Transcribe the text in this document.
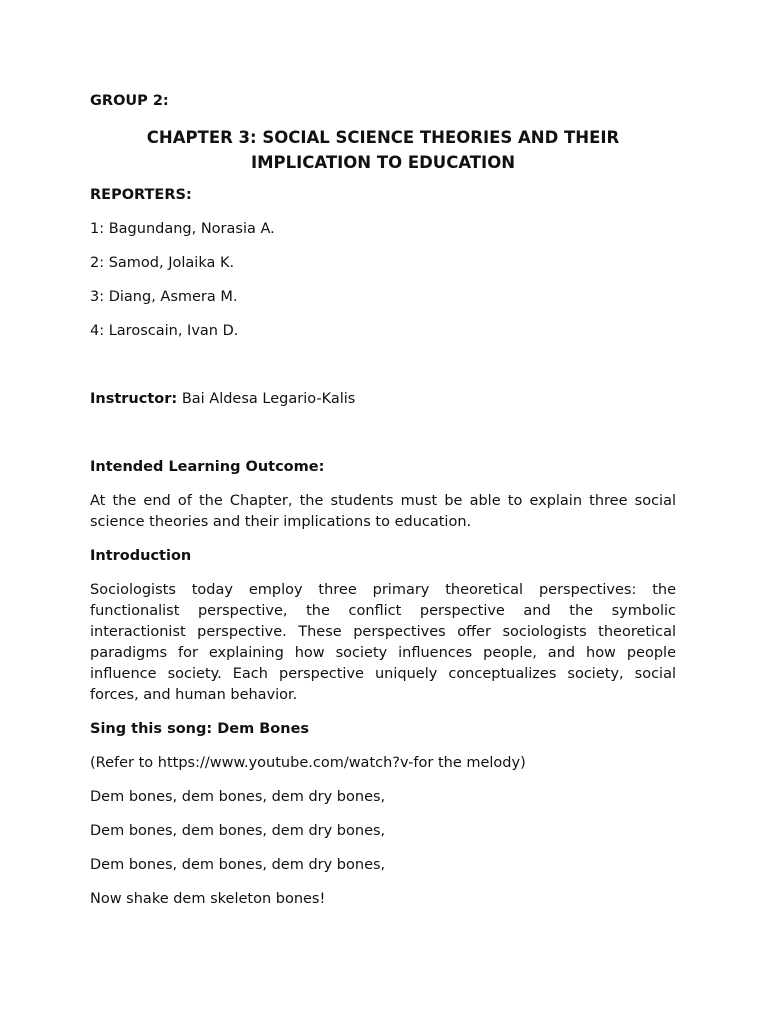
GROUP 2:

CHAPTER 3: SOCIAL SCIENCE THEORIES AND THEIR IMPLICATION TO EDUCATION

REPORTERS:

1: Bagundang, Norasia A.

2: Samod, Jolaika K.

3: Diang, Asmera M.

4: Laroscain, Ivan D.

Instructor: Bai Aldesa Legario-Kalis

Intended Learning Outcome:

At the end of the Chapter, the students must be able to explain three social science theories and their implications to education.

Introduction

Sociologists today employ three primary theoretical perspectives: the functionalist perspective, the conflict perspective and the symbolic interactionist perspective. These perspectives offer sociologists theoretical paradigms for explaining how society influences people, and how people influence society. Each perspective uniquely conceptualizes society, social forces, and human behavior.

Sing this song: Dem Bones

(Refer to https://www.youtube.com/watch?v-for the melody)

Dem bones, dem bones, dem dry bones,

Dem bones, dem bones, dem dry bones,

Dem bones, dem bones, dem dry bones,

Now shake dem skeleton bones!
